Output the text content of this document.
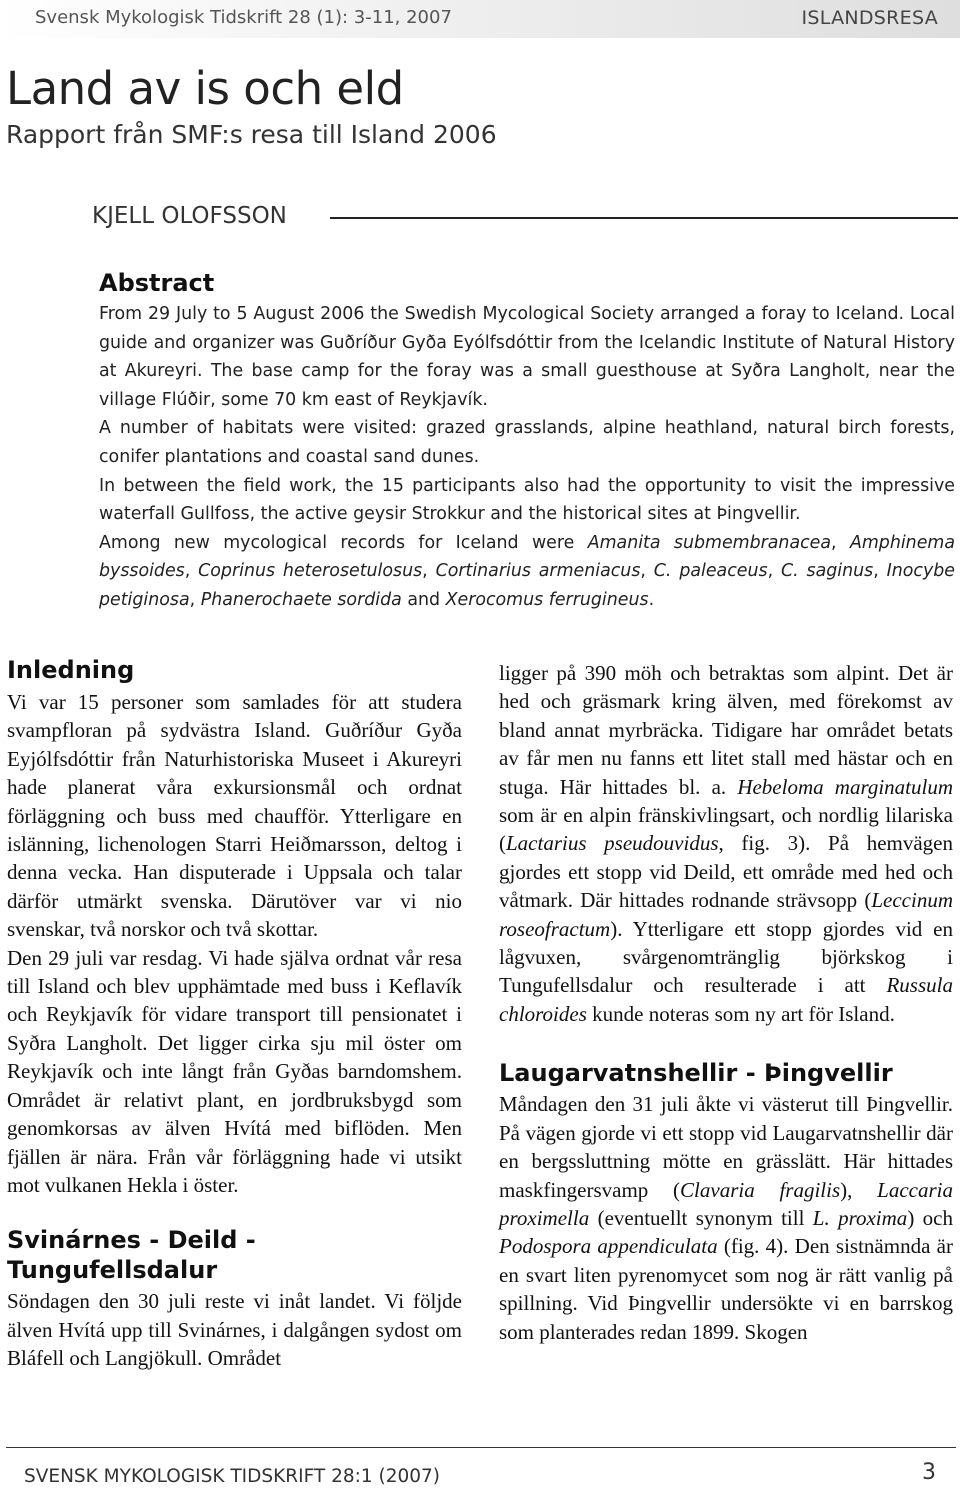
Svensk Mykologisk Tidskrift 28 (1): 3-11, 2007	ISLANDSRESA
Land av is och eld
Rapport från SMF:s resa till Island 2006
KJELL OLOFSSON
Abstract

From 29 July to 5 August 2006 the Swedish Mycological Society arranged a foray to Iceland. Local guide and organizer was Guðríður Gyða Eyólfsdóttir from the Icelandic Institute of Natural History at Akureyri. The base camp for the foray was a small guesthouse at Syðra Langholt, near the village Flúðir, some 70 km east of Reykjavík.

A number of habitats were visited: grazed grasslands, alpine heathland, natural birch forests, conifer plantations and coastal sand dunes.

In between the field work, the 15 participants also had the opportunity to visit the impressive waterfall Gullfoss, the active geysir Strokkur and the historical sites at Þingvellir.

Among new mycological records for Iceland were Amanita submembranacea, Amphinema byssoides, Coprinus heterosetulosus, Cortinarius armeniacus, C. paleaceus, C. saginus, Inocybe petiginosa, Phanerochaete sordida and Xerocomus ferrugineus.

Inledning

Vi var 15 personer som samlades för att studera svampfloran på sydvästra Island. Guðríður Gyða Eyjólfsdóttir från Naturhistoriska Museet i Akureyri hade planerat våra exkursionsmål och ordnat förläggning och buss med chaufför. Ytterligare en islänning, lichenologen Starri Heiðmarsson, deltog i denna vecka. Han disputerade i Uppsala och talar därför utmärkt svenska. Därutöver var vi nio svenskar, två norskor och två skottar.

Den 29 juli var resdag. Vi hade själva ordnat vår resa till Island och blev upphämtade med buss i Keflavík och Reykjavík för vidare transport till pensionatet i Syðra Langholt. Det ligger cirka sju mil öster om Reykjavík och inte långt från Gyðas barndomshem. Området är relativt plant, en jordbruksbygd som genomkorsas av älven Hvítá med biflöden. Men fjällen är nära. Från vår förläggning hade vi utsikt mot vulkanen Hekla i öster.

Svinárnes - Deild - Tungufellsdalur

Söndagen den 30 juli reste vi inåt landet. Vi följde älven Hvítá upp till Svinárnes, i dalgången sydost om Bláfell och Langjökull. Området

ligger på 390 möh och betraktas som alpint. Det är hed och gräsmark kring älven, med förekomst av bland annat myrbräcka. Tidigare har området betats av får men nu fanns ett litet stall med hästar och en stuga. Här hittades bl. a. Hebeloma marginatulum som är en alpin fränskivlingsart, och nordlig lilariska (Lactarius pseudouvidus, fig. 3). På hemvägen gjordes ett stopp vid Deild, ett område med hed och våtmark. Där hittades rodnande strävsopp (Leccinum roseofractum). Ytterligare ett stopp gjordes vid en lågvuxen, svårgenomtränglig björkskog i Tungufellsdalur och resulterade i att Russula chloroides kunde noteras som ny art för Island.

Laugarvatnshellir - Þingvellir

Måndagen den 31 juli åkte vi västerut till Þingvellir. På vägen gjorde vi ett stopp vid Laugarvatnshellir där en bergssluttning mötte en grässlätt. Här hittades maskfingersvamp (Clavaria fragilis), Laccaria proximella (eventuellt synonym till L. proxima) och Podospora appendiculata (fig. 4). Den sistnämnda är en svart liten pyrenomycet som nog är rätt vanlig på spillning. Vid Þingvellir undersökte vi en barrskog som planterades redan 1899. Skogen

SVENSK MYKOLOGISK TIDSKRIFT 28:1 (2007)	3
